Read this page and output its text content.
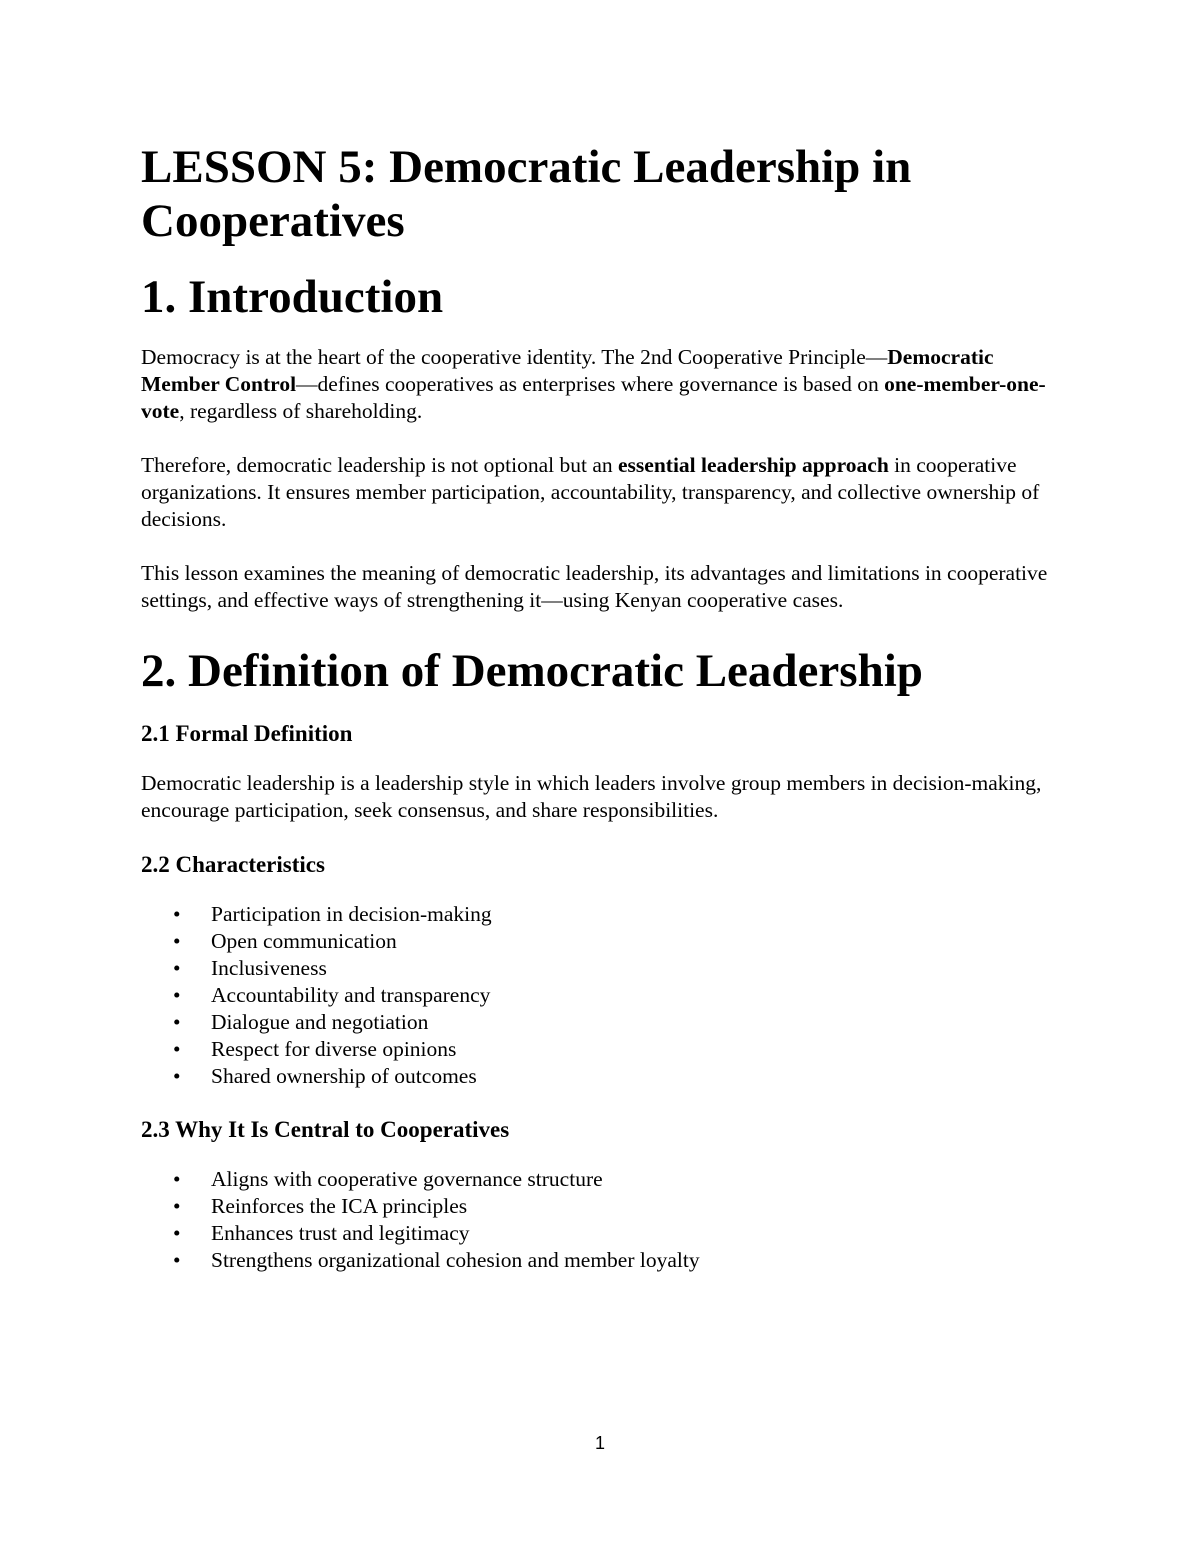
LESSON 5: Democratic Leadership in Cooperatives
1. Introduction

Democracy is at the heart of the cooperative identity. The 2nd Cooperative Principle—Democratic Member Control—defines cooperatives as enterprises where governance is based on one-member-one-vote, regardless of shareholding.

Therefore, democratic leadership is not optional but an essential leadership approach in cooperative organizations. It ensures member participation, accountability, transparency, and collective ownership of decisions.

This lesson examines the meaning of democratic leadership, its advantages and limitations in cooperative settings, and effective ways of strengthening it—using Kenyan cooperative cases.

2. Definition of Democratic Leadership
2.1 Formal Definition

Democratic leadership is a leadership style in which leaders involve group members in decision-making, encourage participation, seek consensus, and share responsibilities.

2.2 Characteristics
• Participation in decision-making
• Open communication
• Inclusiveness
• Accountability and transparency
• Dialogue and negotiation
• Respect for diverse opinions
• Shared ownership of outcomes
2.3 Why It Is Central to Cooperatives
• Aligns with cooperative governance structure
• Reinforces the ICA principles
• Enhances trust and legitimacy
• Strengthens organizational cohesion and member loyalty
1
